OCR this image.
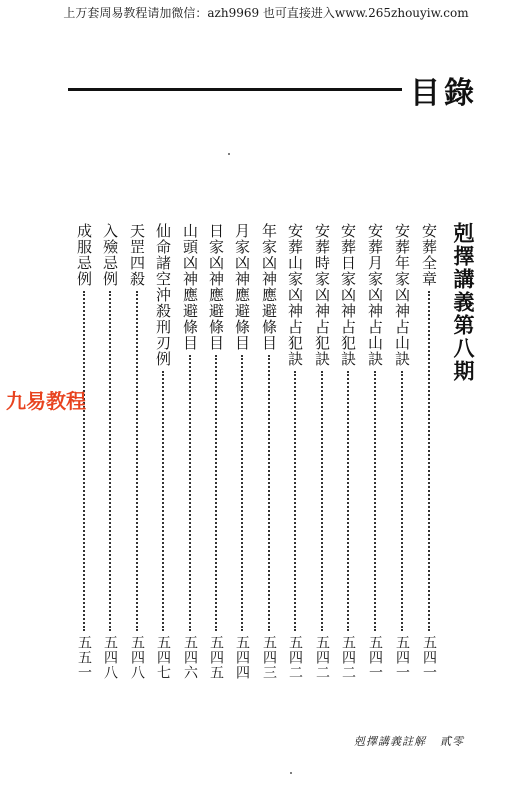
上万套周易教程请加微信：azh9969 也可直接进入www.265zhouyiw.com
目錄
剋擇講義第八期
安葬全章
五四一
安葬年家凶神占山訣
五四一
安葬月家凶神占山訣
五四一
安葬日家凶神占犯訣
五四二
安葬時家凶神占犯訣
五四二
安葬山家凶神占犯訣
五四二
年家凶神應避條目
五四三
月家凶神應避條目
五四四
日家凶神應避條目
五四五
山頭凶神應避條目
五四六
仙命諸空沖殺刑刃例
五四七
天罡四殺
五四八
入殮忌例
五四八
成服忌例
五五一
九易教程
剋擇講義註解 貳零
